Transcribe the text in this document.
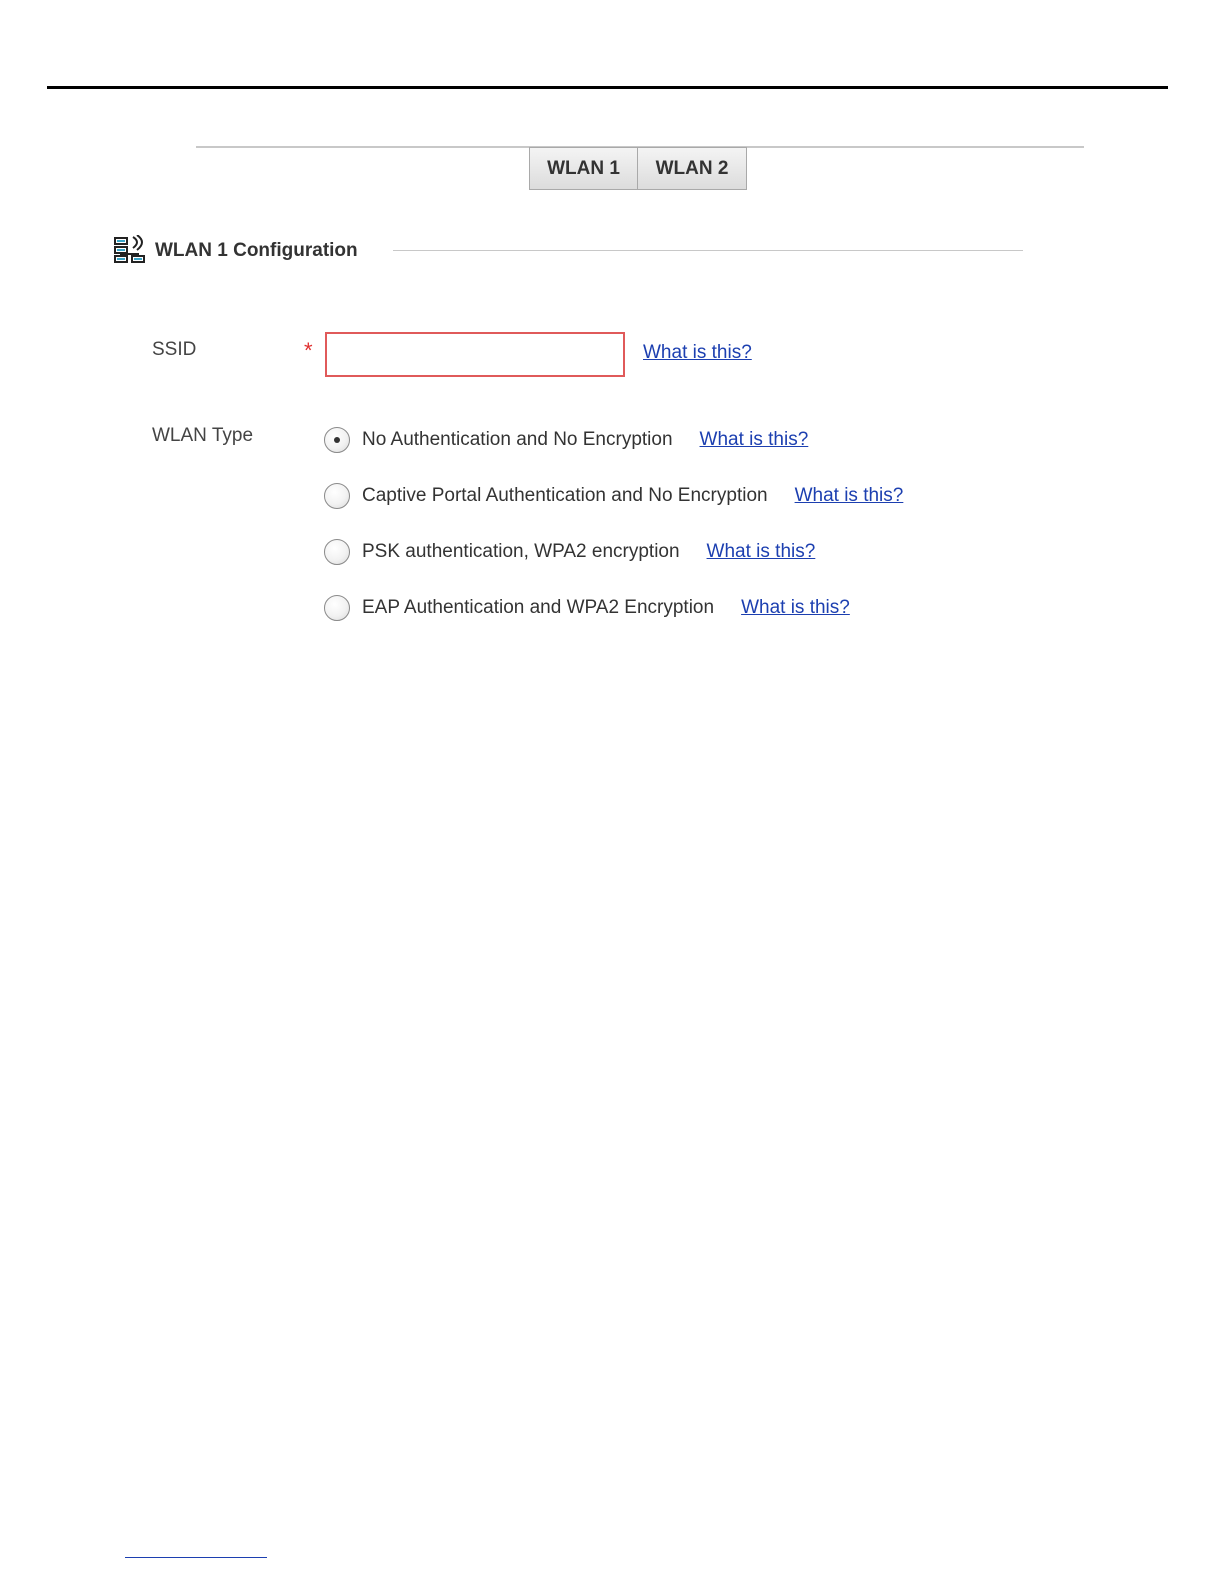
WLAN 1	WLAN 2
WLAN 1 Configuration
SSID	*	What is this?
WLAN Type	No Authentication and No Encryption What is this?
Captive Portal Authentication and No Encryption What is this?
PSK authentication, WPA2 encryption What is this?
EAP Authentication and WPA2 Encryption What is this?
